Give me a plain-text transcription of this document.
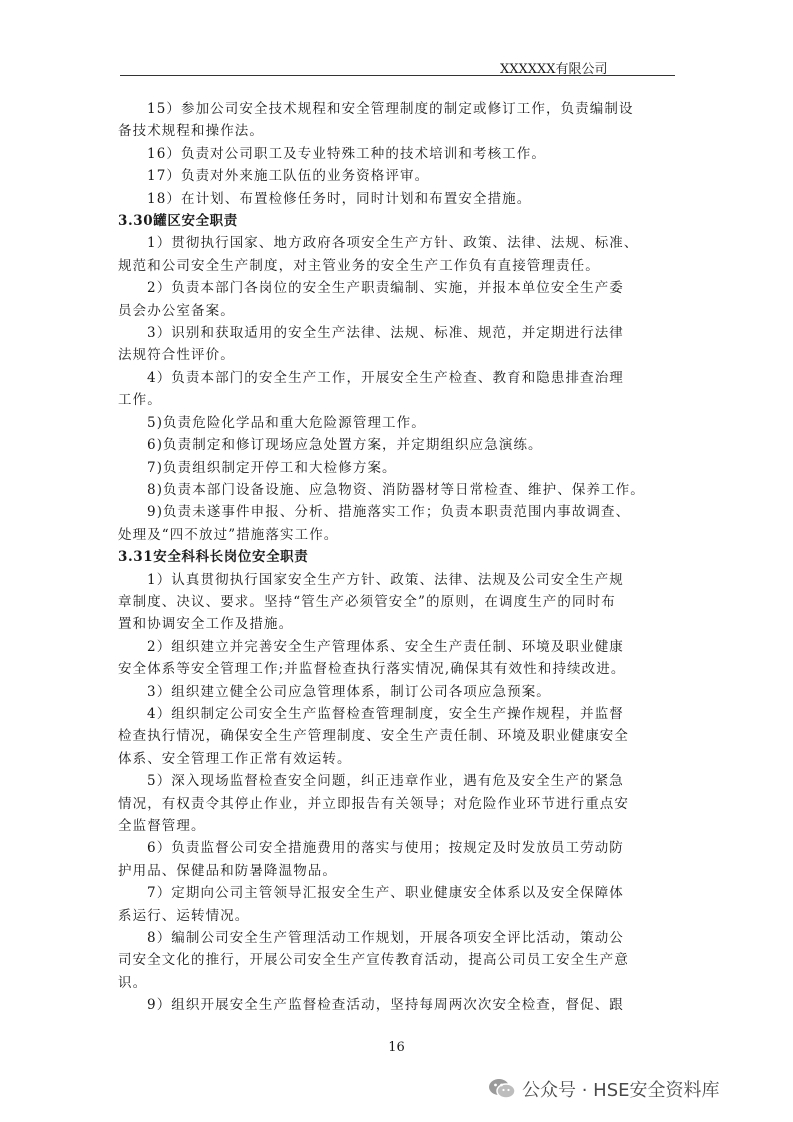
XXXXXX有限公司
15）参加公司安全技术规程和安全管理制度的制定或修订工作，负责编制设
备技术规程和操作法。
16）负责对公司职工及专业特殊工种的技术培训和考核工作。
17）负责对外来施工队伍的业务资格评审。
18）在计划、布置检修任务时，同时计划和布置安全措施。
3.30罐区安全职责
1）贯彻执行国家、地方政府各项安全生产方针、政策、法律、法规、标准、
规范和公司安全生产制度，对主管业务的安全生产工作负有直接管理责任。
2）负责本部门各岗位的安全生产职责编制、实施，并报本单位安全生产委
员会办公室备案。
3）识别和获取适用的安全生产法律、法规、标准、规范，并定期进行法律
法规符合性评价。
4）负责本部门的安全生产工作，开展安全生产检查、教育和隐患排查治理
工作。
5)负责危险化学品和重大危险源管理工作。
6)负责制定和修订现场应急处置方案，并定期组织应急演练。
7)负责组织制定开停工和大检修方案。
8)负责本部门设备设施、应急物资、消防器材等日常检查、维护、保养工作。
9)负责未遂事件申报、分析、措施落实工作；负责本职责范围内事故调查、
处理及“四不放过”措施落实工作。
3.31安全科科长岗位安全职责
1）认真贯彻执行国家安全生产方针、政策、法律、法规及公司安全生产规
章制度、决议、要求。坚持“管生产必须管安全”的原则，在调度生产的同时布
置和协调安全工作及措施。
2）组织建立并完善安全生产管理体系、安全生产责任制、环境及职业健康
安全体系等安全管理工作;并监督检查执行落实情况,确保其有效性和持续改进。
3）组织建立健全公司应急管理体系，制订公司各项应急预案。
4）组织制定公司安全生产监督检查管理制度，安全生产操作规程，并监督
检查执行情况，确保安全生产管理制度、安全生产责任制、环境及职业健康安全
体系、安全管理工作正常有效运转。
5）深入现场监督检查安全问题，纠正违章作业，遇有危及安全生产的紧急
情况，有权责令其停止作业，并立即报告有关领导；对危险作业环节进行重点安
全监督管理。
6）负责监督公司安全措施费用的落实与使用；按规定及时发放员工劳动防
护用品、保健品和防暑降温物品。
7）定期向公司主管领导汇报安全生产、职业健康安全体系以及安全保障体
系运行、运转情况。
8）编制公司安全生产管理活动工作规划，开展各项安全评比活动，策动公
司安全文化的推行，开展公司安全生产宣传教育活动，提高公司员工安全生产意
识。
9）组织开展安全生产监督检查活动，坚持每周两次次安全检查，督促、跟
16
公众号 · HSE安全资料库
